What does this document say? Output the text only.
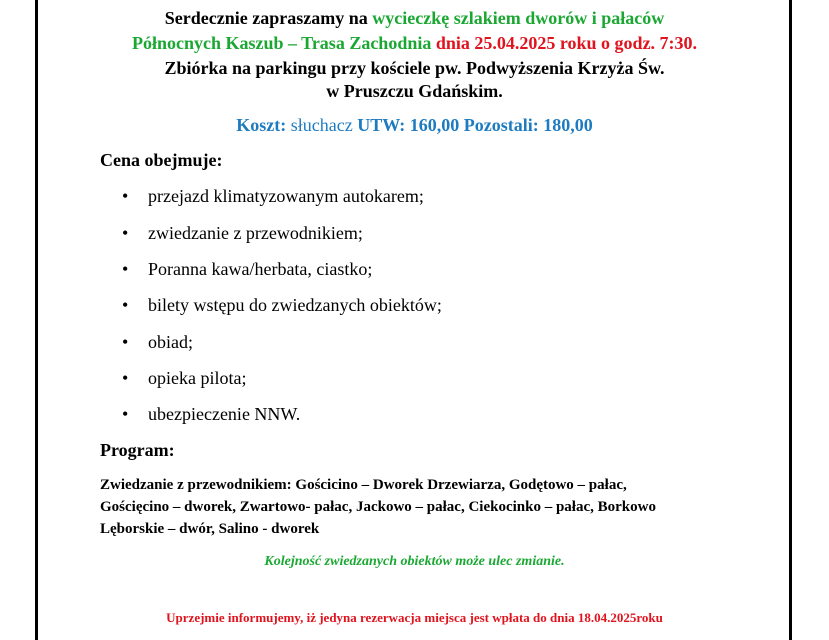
Serdecznie zapraszamy na wycieczkę szlakiem dworów i pałaców
Północnych Kaszub – Trasa Zachodnia dnia 25.04.2025 roku o godz. 7:30.
Zbiórka na parkingu przy kościele pw. Podwyższenia Krzyża Św.
w Pruszczu Gdańskim.
Koszt: słuchacz UTW: 160,00 Pozostali: 180,00
Cena obejmuje:
• przejazd klimatyzowanym autokarem;
• zwiedzanie z przewodnikiem;
• Poranna kawa/herbata, ciastko;
• bilety wstępu do zwiedzanych obiektów;
• obiad;
• opieka pilota;
• ubezpieczenie NNW.
Program:
Zwiedzanie z przewodnikiem: Gościcino – Dworek Drzewiarza, Godętowo – pałac,
Gościęcino – dworek, Zwartowo- pałac, Jackowo – pałac, Ciekocinko – pałac, Borkowo
Lęborskie – dwór, Salino - dworek
Kolejność zwiedzanych obiektów może ulec zmianie.
Uprzejmie informujemy, iż jedyna rezerwacja miejsca jest wpłata do dnia 18.04.2025roku
